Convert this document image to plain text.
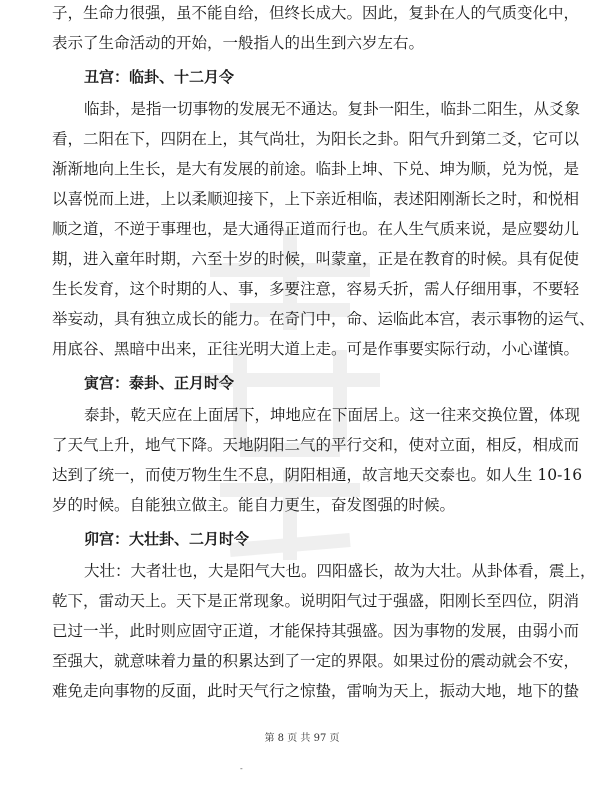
子，生命力很强，虽不能自给，但终长成大。因此，复卦在人的气质变化中，
表示了生命活动的开始，一般指人的出生到六岁左右。
丑宫：临卦、十二月令
临卦，是指一切事物的发展无不通达。复卦一阳生，临卦二阳生，从爻象
看，二阳在下，四阴在上，其气尚壮，为阳长之卦。阳气升到第二爻，它可以
渐渐地向上生长，是大有发展的前途。临卦上坤、下兑、坤为顺，兑为悦，是
以喜悦而上进，上以柔顺迎接下，上下亲近相临，表述阳刚渐长之时，和悦相
顺之道，不逆于事理也，是大通得正道而行也。在人生气质来说，是应婴幼儿
期，进入童年时期，六至十岁的时候，叫蒙童，正是在教育的时候。具有促使
生长发育，这个时期的人、事，多要注意，容易夭折，需人仔细用事，不要轻
举妄动，具有独立成长的能力。在奇门中，命、运临此本宫，表示事物的运气、
用底谷、黑暗中出来，正往光明大道上走。可是作事要实际行动，小心谨慎。
寅宫：泰卦、正月时令
泰卦，乾天应在上面居下，坤地应在下面居上。这一往来交换位置，体现
了天气上升，地气下降。天地阴阳二气的平行交和，使对立面，相反，相成而
达到了统一，而使万物生生不息，阴阳相通，故言地天交泰也。如人生 10-16
岁的时候。自能独立做主。能自力更生，奋发图强的时候。
卯宫：大壮卦、二月时令
大壮：大者壮也，大是阳气大也。四阳盛长，故为大壮。从卦体看，震上，
乾下，雷动天上。天下是正常现象。说明阳气过于强盛，阳刚长至四位，阴消
已过一半，此时则应固守正道，才能保持其强盛。因为事物的发展，由弱小而
至强大，就意味着力量的积累达到了一定的界限。如果过份的震动就会不安，
难免走向事物的反面，此时天气行之惊蛰，雷响为天上，振动大地，地下的蛰
第 8 页 共 97 页
-
